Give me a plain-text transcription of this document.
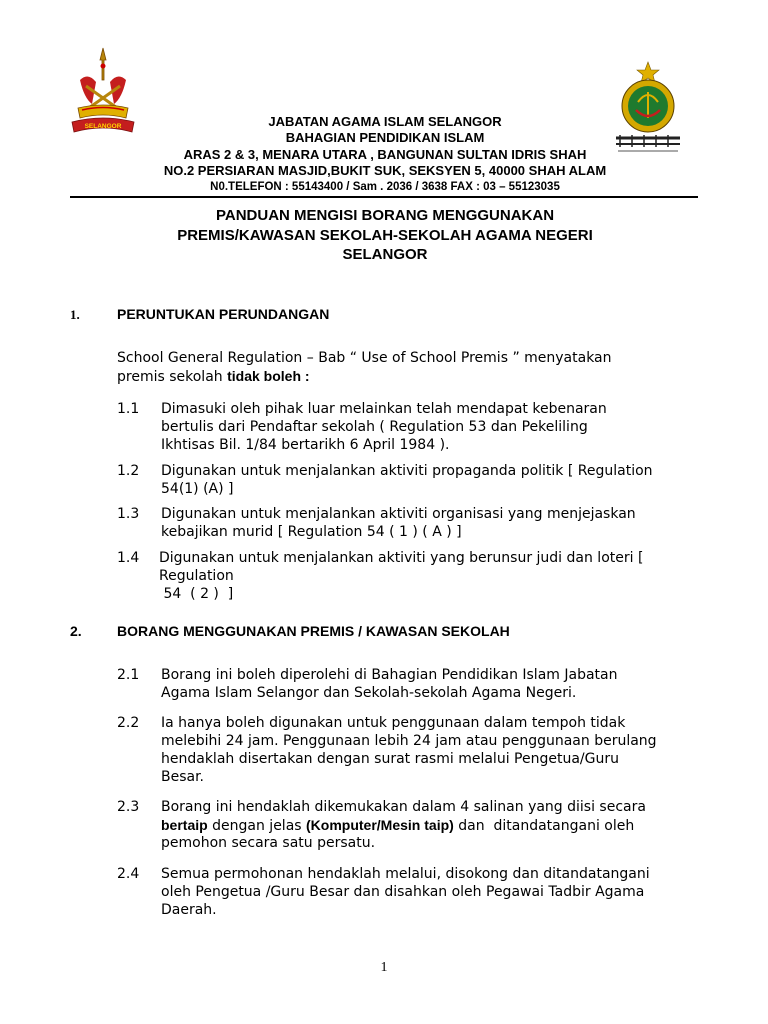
SELANGOR	JABATAN AGAMA ISLAM SELANGOR
BAHAGIAN PENDIDIKAN ISLAM
ARAS 2 & 3, MENARA UTARA , BANGUNAN SULTAN IDRIS SHAH
NO.2 PERSIARAN MASJID,BUKIT SUK, SEKSYEN 5, 40000 SHAH ALAM
N0.TELEFON : 55143400 / Sam . 2036 / 3638 FAX : 03 – 55123035
PANDUAN MENGISI BORANG MENGGUNAKAN
PREMIS/KAWASAN SEKOLAH-SEKOLAH AGAMA NEGERI
SELANGOR
1.	PERUNTUKAN PERUNDANGAN
School General Regulation – Bab “ Use of School Premis ” menyatakan
premis sekolah tidak boleh :
1.1 Dimasuki oleh pihak luar melainkan telah mendapat kebenaran
bertulis dari Pendaftar sekolah ( Regulation 53 dan Pekeliling
Ikhtisas Bil. 1/84 bertarikh 6 April 1984 ).
1.2 Digunakan untuk menjalankan aktiviti propaganda politik [ Regulation
54(1) (A) ]
1.3 Digunakan untuk menjalankan aktiviti organisasi yang menjejaskan
kebajikan murid [ Regulation 54 ( 1 ) ( A ) ]
1.4 Digunakan untuk menjalankan aktiviti yang berunsur judi dan loteri [
Regulation
54  ( 2 )  ]
2.	BORANG MENGGUNAKAN PREMIS / KAWASAN SEKOLAH
2.1 Borang ini boleh diperolehi di Bahagian Pendidikan Islam Jabatan
Agama Islam Selangor dan Sekolah-sekolah Agama Negeri.
2.2 Ia hanya boleh digunakan untuk penggunaan dalam tempoh tidak
melebihi 24 jam. Penggunaan lebih 24 jam atau penggunaan berulang
hendaklah disertakan dengan surat rasmi melalui Pengetua/Guru
Besar.
2.3 Borang ini hendaklah dikemukakan dalam 4 salinan yang diisi secara
bertaip dengan jelas (Komputer/Mesin taip) dan  ditandatangani oleh
pemohon secara satu persatu.
2.4 Semua permohonan hendaklah melalui, disokong dan ditandatangani
oleh Pengetua /Guru Besar dan disahkan oleh Pegawai Tadbir Agama
Daerah.
1
